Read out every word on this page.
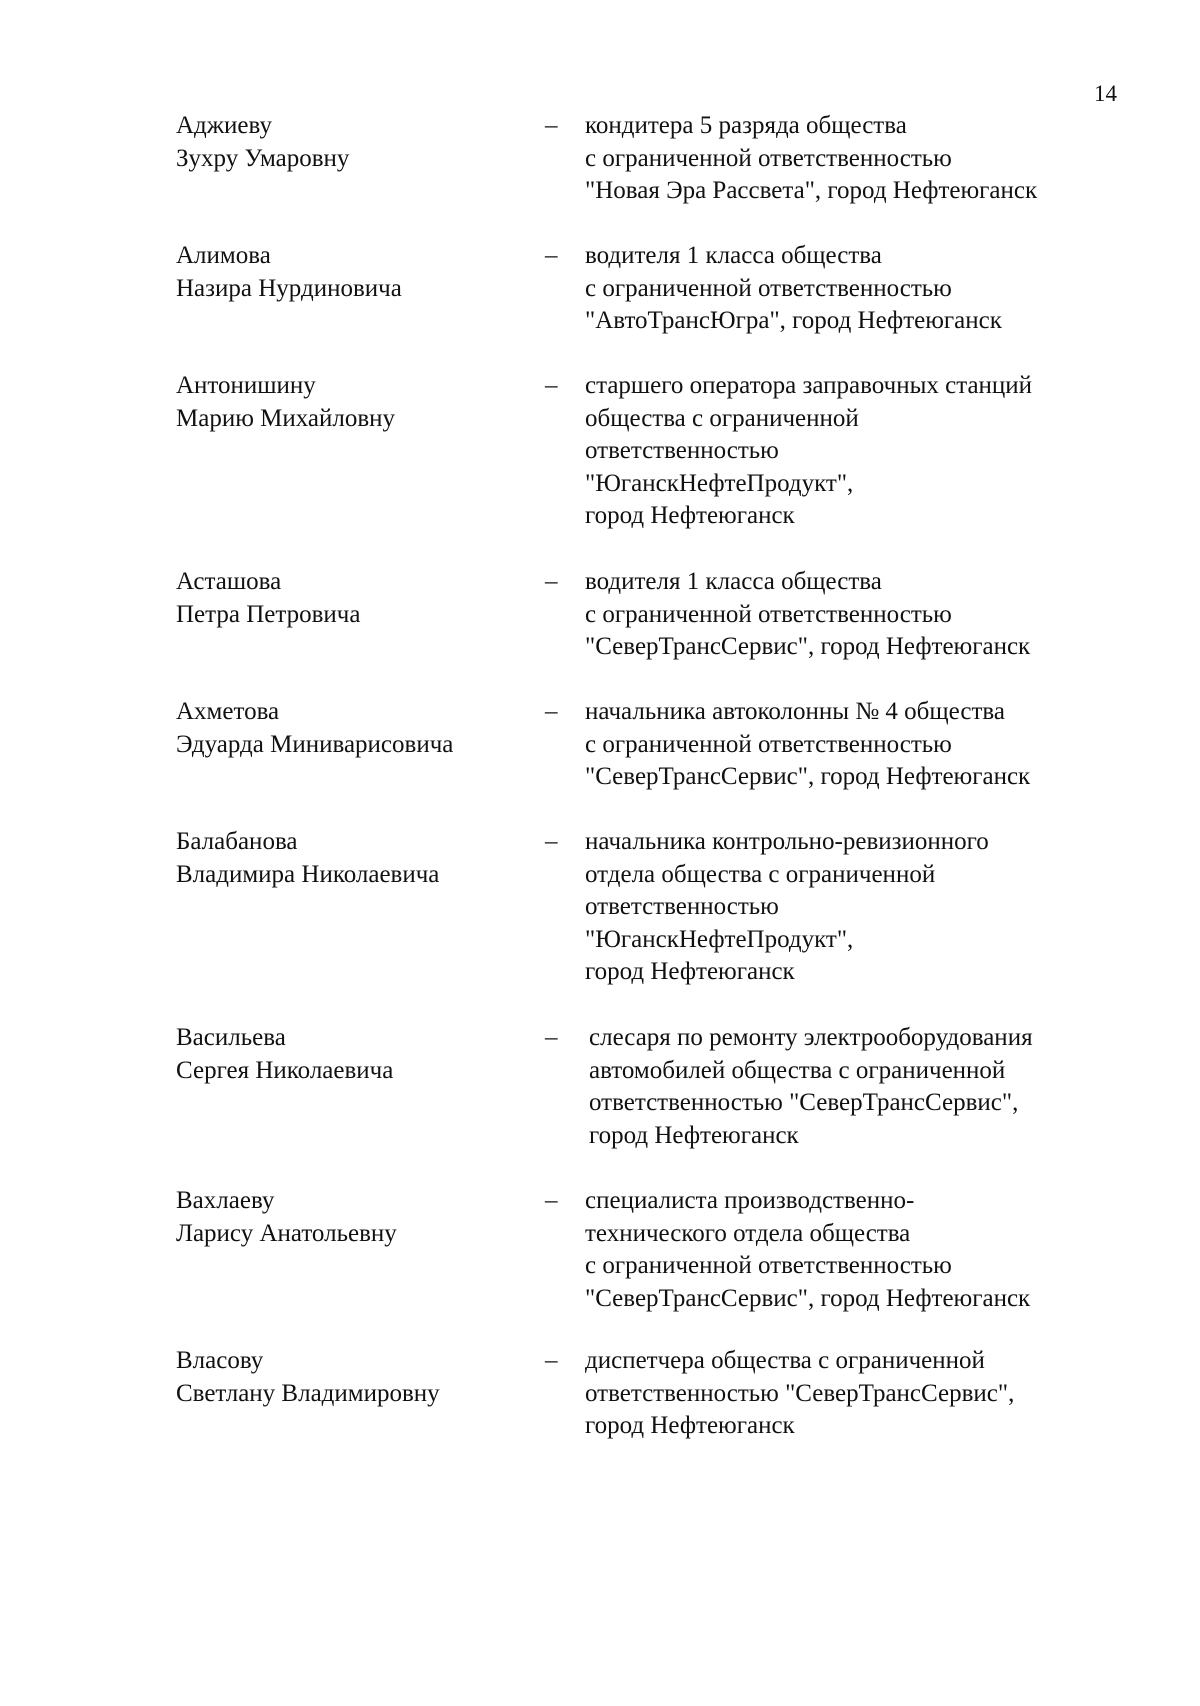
14
Аджиеву
Зухру Умаровну
– кондитера 5 разряда общества
с ограниченной ответственностью
"Новая Эра Рассвета", город Нефтеюганск
Алимова
Назира Нурдиновича
– водителя 1 класса общества
с ограниченной ответственностью
"АвтоТрансЮгра", город Нефтеюганск
Антонишину
Марию Михайловну
– старшего оператора заправочных станций
общества с ограниченной
ответственностью
"ЮганскНефтеПродукт",
город Нефтеюганск
Асташова
Петра Петровича
– водителя 1 класса общества
с ограниченной ответственностью
"СеверТрансСервис", город Нефтеюганск
Ахметова
Эдуарда Миниварисовича
– начальника автоколонны № 4 общества
с ограниченной ответственностью
"СеверТрансСервис", город Нефтеюганск
Балабанова
Владимира Николаевича
– начальника контрольно-ревизионного
отдела общества с ограниченной
ответственностью
"ЮганскНефтеПродукт",
город Нефтеюганск
Васильева
Сергея Николаевича
– слесаря по ремонту электрооборудования
автомобилей общества с ограниченной
ответственностью "СеверТрансСервис",
город Нефтеюганск
Вахлаеву
Ларису Анатольевну
– специалиста производственно-
технического отдела общества
с ограниченной ответственностью
"СеверТрансСервис", город Нефтеюганск
Власову
Светлану Владимировну
– диспетчера общества с ограниченной
ответственностью "СеверТрансСервис",
город Нефтеюганск
